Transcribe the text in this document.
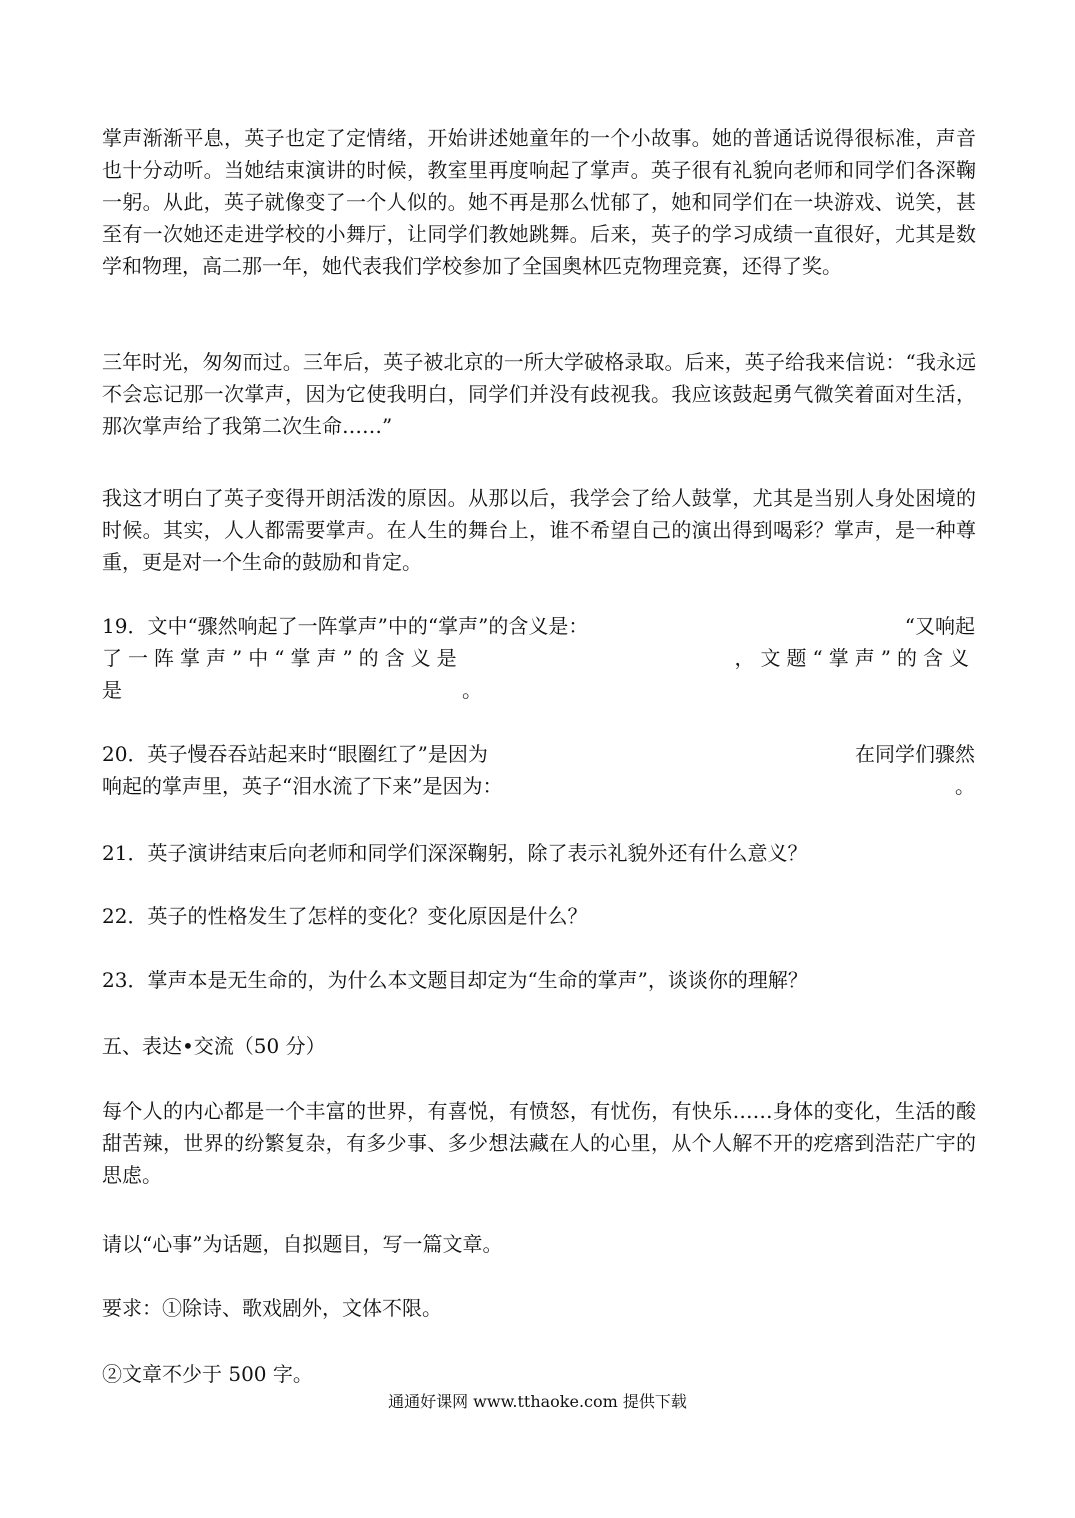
掌声渐渐平息，英子也定了定情绪，开始讲述她童年的一个小故事。她的普通话说得很标准，声音也十分动听。当她结束演讲的时候，教室里再度响起了掌声。英子很有礼貌向老师和同学们各深鞠一躬。从此，英子就像变了一个人似的。她不再是那么忧郁了，她和同学们在一块游戏、说笑，甚至有一次她还走进学校的小舞厅，让同学们教她跳舞。后来，英子的学习成绩一直很好，尤其是数学和物理，高二那一年，她代表我们学校参加了全国奥林匹克物理竞赛，还得了奖。

三年时光，匆匆而过。三年后，英子被北京的一所大学破格录取。后来，英子给我来信说：“我永远不会忘记那一次掌声，因为它使我明白，同学们并没有歧视我。我应该鼓起勇气微笑着面对生活，那次掌声给了我第二次生命……”

我这才明白了英子变得开朗活泼的原因。从那以后，我学会了给人鼓掌，尤其是当别人身处困境的时候。其实，人人都需要掌声。在人生的舞台上，谁不希望自己的演出得到喝彩？掌声，是一种尊重，更是对一个生命的鼓励和肯定。

19．文中“骤然响起了一阵掌声”中的“掌声”的含义是：	“又响起
了一阵掌声”中“掌声”的含义是	，文题“掌声”的含义
是	。
20．英子慢吞吞站起来时“眼圈红了”是因为	在同学们骤然
响起的掌声里，英子“泪水流了下来”是因为：	。

21．英子演讲结束后向老师和同学们深深鞠躬，除了表示礼貌外还有什么意义？

22．英子的性格发生了怎样的变化？变化原因是什么？

23．掌声本是无生命的，为什么本文题目却定为“生命的掌声”，谈谈你的理解？

五、表达•交流（50 分）

每个人的内心都是一个丰富的世界，有喜悦，有愤怒，有忧伤，有快乐……身体的变化，生活的酸甜苦辣，世界的纷繁复杂，有多少事、多少想法藏在人的心里，从个人解不开的疙瘩到浩茫广宇的思虑。

请以“心事”为话题，自拟题目，写一篇文章。

要求：①除诗、歌戏剧外，文体不限。

②文章不少于 500 字。

通通好课网 www.tthaoke.com 提供下载
